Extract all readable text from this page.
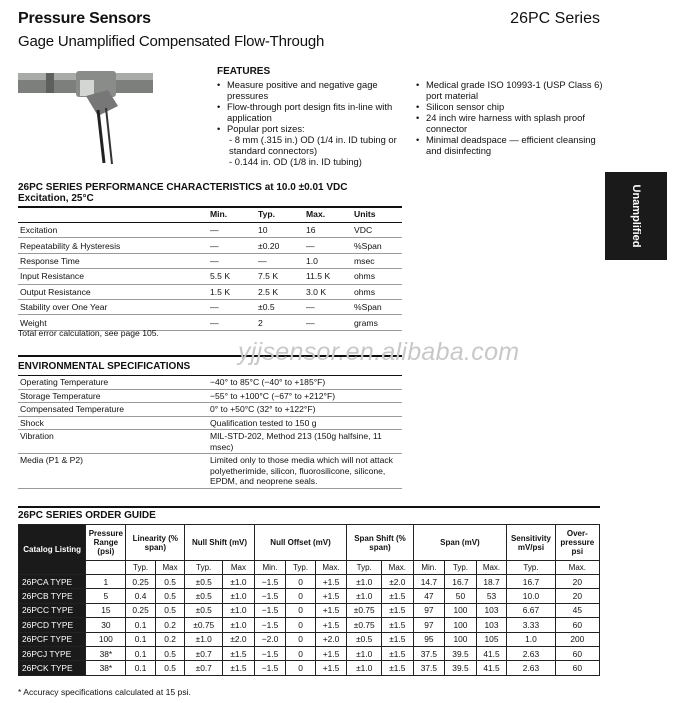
Pressure Sensors
Gage Unamplified Compensated Flow-Through
26PC Series
Unamplified
FEATURES
• Measure positive and negative gage pressures
• Flow-through port design fits in-line with application
• Popular port sizes:
- 8 mm (.315 in.) OD (1/4 in. ID tubing or standard connectors)
- 0.144 in. OD (1/8 in. ID tubing)
• Medical grade ISO 10993-1 (USP Class 6) port material
• Silicon sensor chip
• 24 inch wire harness with splash proof connector
• Minimal deadspace — efficient cleansing and disinfecting
26PC SERIES PERFORMANCE CHARACTERISTICS at 10.0 ±0.01 VDC
Excitation, 25°C
	Min.	Typ.	Max.	Units
Excitation	—	10	16	VDC
Repeatability & Hysteresis	—	±0.20	—	%Span
Response Time	—	—	1.0	msec
Input Resistance	5.5 K	7.5 K	11.5 K	ohms
Output Resistance	1.5 K	2.5 K	3.0 K	ohms
Stability over One Year	—	±0.5	—	%Span
Weight	—	2	—	grams
Total error calculation, see page 105.
ENVIRONMENTAL SPECIFICATIONS
Operating Temperature	−40° to 85°C (−40° to +185°F)
Storage Temperature	−55° to +100°C (−67° to +212°F)
Compensated Temperature	0° to +50°C (32° to +122°F)
Shock	Qualification tested to 150 g
Vibration	MIL-STD-202, Method 213 (150g halfsine, 11 msec)
Media (P1 & P2)	Limited only to those media which will not attack polyetherimide, silicon, fluorosilicone, silicone, EPDM, and neoprene seals.
26PC SERIES ORDER GUIDE
Catalog Listing	Pressure Range (psi)	Linearity (% span)		Null Shift (mV)		Null Offset (mV)			Span Shift (% span)		Span (mV)			Sensitivity mV/psi	Over-pressure psi
		Typ.	Max	Typ.	Max	Min.	Typ.	Max.	Typ.	Max.	Min.	Typ.	Max.	Typ.	Max.
26PCA TYPE	1	0.25	0.5	±0.5	±1.0	−1.5	0	+1.5	±1.0	±2.0	14.7	16.7	18.7	16.7	20
26PCB TYPE	5	0.4	0.5	±0.5	±1.0	−1.5	0	+1.5	±1.0	±1.5	47	50	53	10.0	20
26PCC TYPE	15	0.25	0.5	±0.5	±1.0	−1.5	0	+1.5	±0.75	±1.5	97	100	103	6.67	45
26PCD TYPE	30	0.1	0.2	±0.75	±1.0	−1.5	0	+1.5	±0.75	±1.5	97	100	103	3.33	60
26PCF TYPE	100	0.1	0.2	±1.0	±2.0	−2.0	0	+2.0	±0.5	±1.5	95	100	105	1.0	200
26PCJ TYPE	38*	0.1	0.5	±0.7	±1.5	−1.5	0	+1.5	±1.0	±1.5	37.5	39.5	41.5	2.63	60
26PCK TYPE	38*	0.1	0.5	±0.7	±1.5	−1.5	0	+1.5	±1.0	±1.5	37.5	39.5	41.5	2.63	60
* Accuracy specifications calculated at 15 psi.
yjjsensor.en.alibaba.com
